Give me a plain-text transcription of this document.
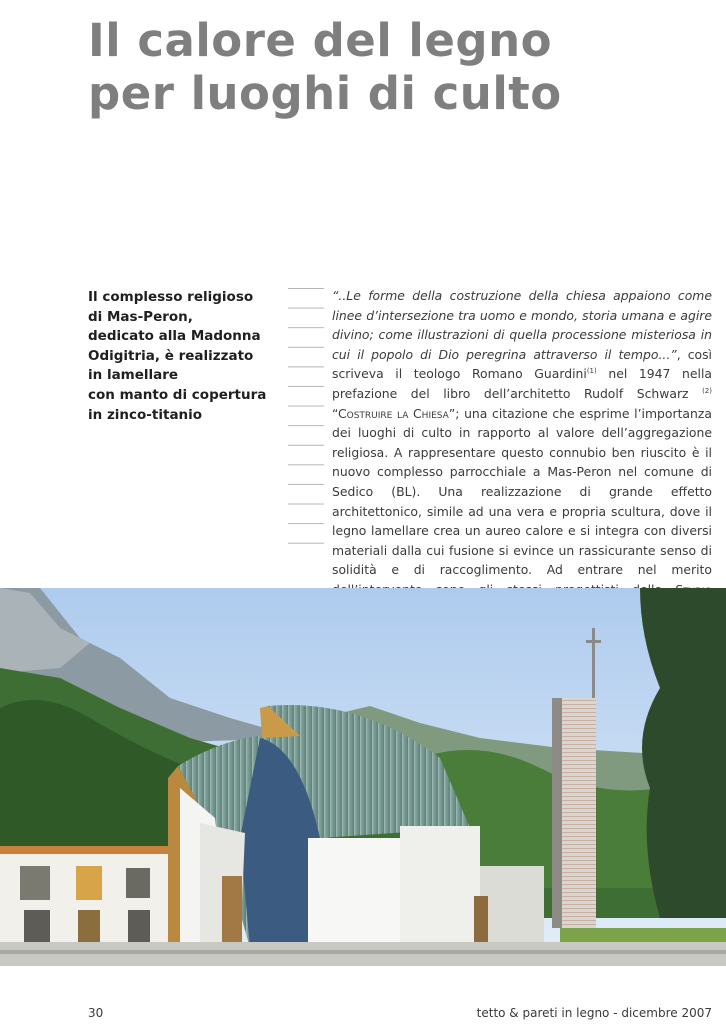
Il calore del legno
per luoghi di culto
Il complesso religioso
di Mas-Peron,
dedicato alla Madonna
Odigitria, è realizzato
in lamellare
con manto di copertura
in zinco-titanio
“..Le forme della costruzione della chiesa appaiono come linee d’intersezione tra uomo e mondo, storia umana e agire divino; come illustrazioni di quella processione misteriosa in cui il popolo di Dio peregrina attraverso il tempo...”, così scriveva il teologo Romano Guardini$^{(1)}$ nel 1947 nella prefazione del libro dell’architetto Rudolf Schwarz $^{(2)}$ “Costruire la Chiesa”; una citazione che esprime l’importanza dei luoghi di culto in rapporto al valore dell’aggregazione religiosa. A rappresentare questo connubio ben riuscito è il nuovo complesso parrocchiale a Mas-Peron nel comune di Sedico (BL). Una realizzazione di grande effetto architettonico, simile ad una vera e propria scultura, dove il legno lamellare crea un aureo calore e si integra con diversi materiali dalla cui fusione si evince un rassicurante senso di solidità e di raccoglimento. Ad entrare nel merito
30	tetto & pareti in legno - dicembre 2007
